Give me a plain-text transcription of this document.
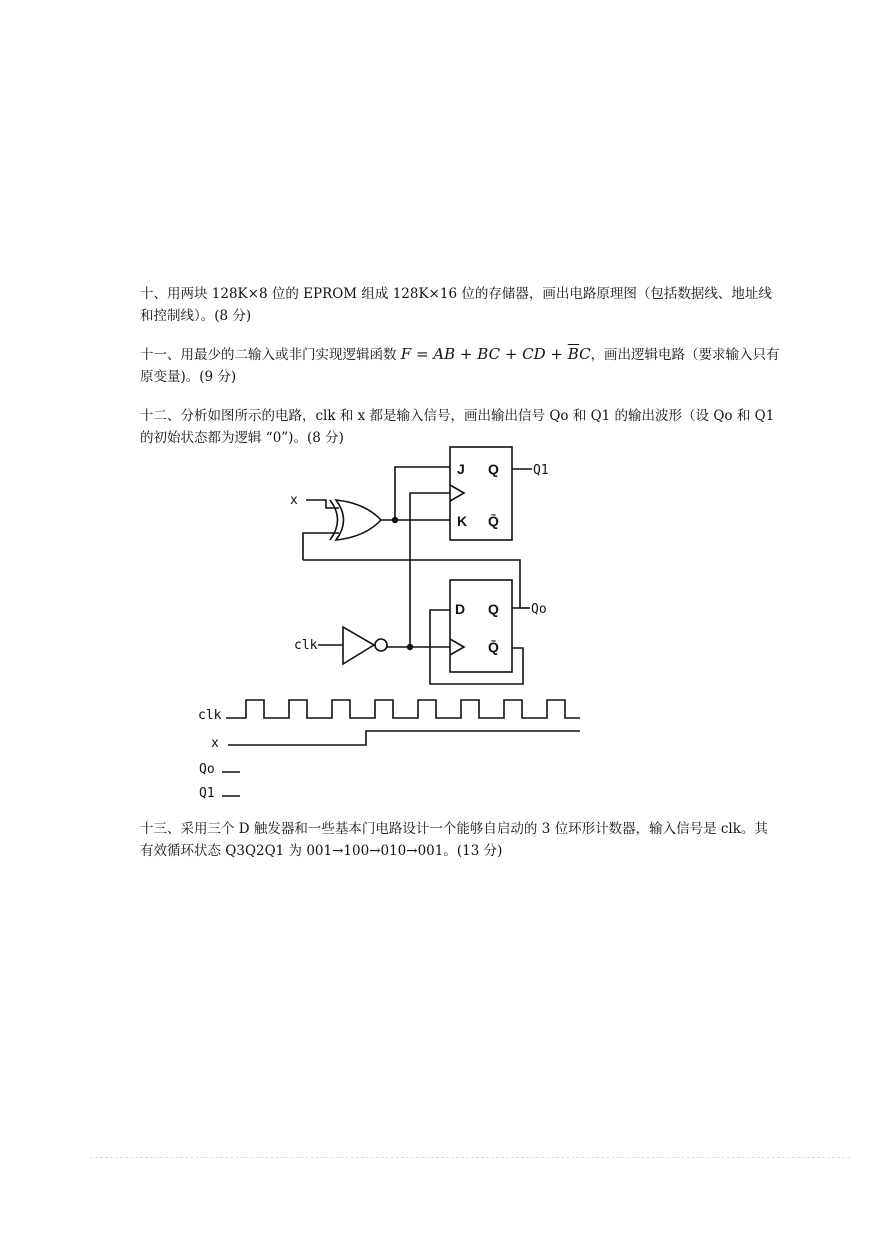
十、用两块 128K×8 位的 EPROM 组成 128K×16 位的存储器，画出电路原理图（包括数据线、地址线和控制线）。(8 分)
十一、用最少的二输入或非门实现逻辑函数 F = AB + BC + CD + $\overline{B}C$，画出逻辑电路（要求输入只有原变量)。(9 分)
十二、分析如图所示的电路，clk 和 x 都是输入信号，画出输出信号 Qo 和 Q1 的输出波形（设 Qo 和 Q1 的初始状态都为逻辑 “0”)。(8 分)
x
clk
J
K
Q
Q̄
Q1
D Q
Q̄
Qo
clk
x
Qo
Q1
十三、采用三个 D 触发器和一些基本门电路设计一个能够自启动的 3 位环形计数器，输入信号是 clk。其有效循环状态 Q3Q2Q1 为 001→100→010→001。(13 分)
